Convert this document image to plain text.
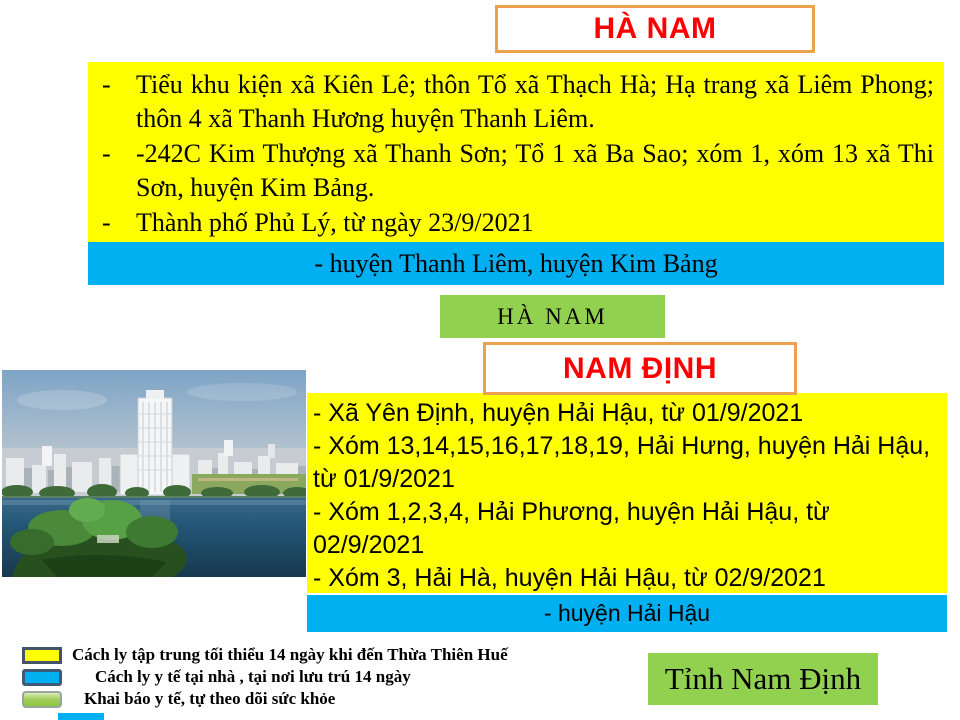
HÀ NAM
- Tiểu khu kiện xã Kiên Lê; thôn Tổ xã Thạch Hà; Hạ trang xã Liêm Phong; thôn 4 xã Thanh Hương huyện Thanh Liêm.
- -242C Kim Thượng xã Thanh Sơn; Tổ 1 xã Ba Sao; xóm 1, xóm 13 xã Thi Sơn, huyện Kim Bảng.
- Thành phố Phủ Lý, từ ngày 23/9/2021
- huyện Thanh Liêm, huyện Kim Bảng
HÀ NAM
NAM ĐỊNH
- Xã Yên Định, huyện Hải Hậu, từ 01/9/2021
- Xóm 13,14,15,16,17,18,19, Hải Hưng, huyện Hải Hậu, từ 01/9/2021
- Xóm 1,2,3,4, Hải Phương, huyện Hải Hậu, từ 02/9/2021
- Xóm 3, Hải Hà, huyện Hải Hậu, từ 02/9/2021
- huyện Hải Hậu
Cách ly tập trung tối thiểu 14 ngày khi đến Thừa Thiên Huế
Cách ly y tế tại nhà , tại nơi lưu trú 14 ngày
Khai báo y tế, tự theo dõi sức khỏe
Tỉnh Nam Định
